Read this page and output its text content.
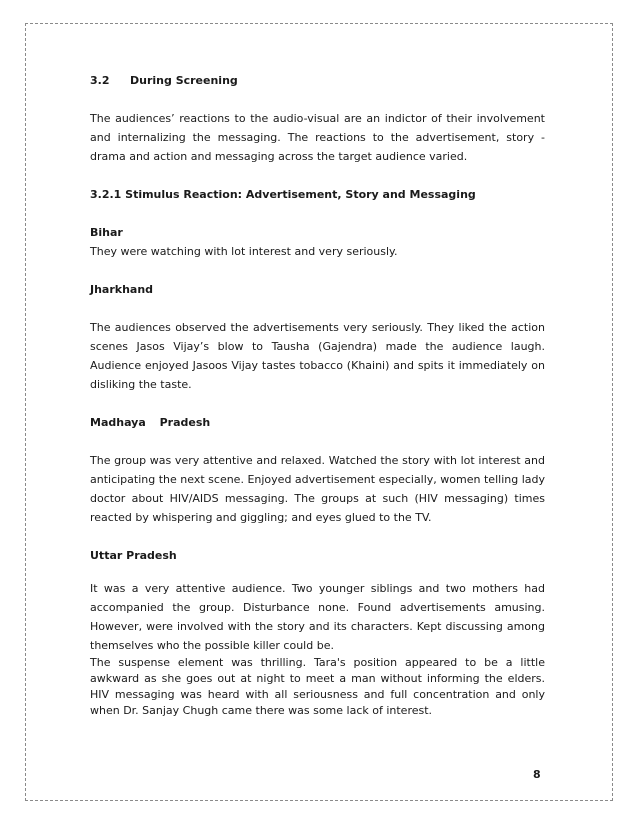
3.2	During Screening

The audiences’ reactions to the audio-visual are an indictor of their involvement and internalizing the messaging. The reactions to the advertisement, story -drama and action and messaging across the target audience varied.

3.2.1 Stimulus Reaction: Advertisement, Story and Messaging
Bihar

They were watching with lot interest and very seriously.

Jharkhand

The audiences observed the advertisements very seriously. They liked the action scenes Jasos Vijay’s blow to Tausha (Gajendra) made the audience laugh. Audience enjoyed Jasoos Vijay tastes tobacco (Khaini) and spits it immediately on disliking the taste.

Madhaya Pradesh

The group was very attentive and relaxed. Watched the story with lot interest and anticipating the next scene. Enjoyed advertisement especially, women telling lady doctor about HIV/AIDS messaging. The groups at such (HIV messaging) times reacted by whispering and giggling; and eyes glued to the TV.

Uttar Pradesh

It was a very attentive audience. Two younger siblings and two mothers had accompanied the group. Disturbance none. Found advertisements amusing. However, were involved with the story and its characters. Kept discussing among themselves who the possible killer could be.

The suspense element was thrilling. Tara's position appeared to be a little awkward as she goes out at night to meet a man without informing the elders. HIV messaging was heard with all seriousness and full concentration and only when Dr. Sanjay Chugh came there was some lack of interest.

8
